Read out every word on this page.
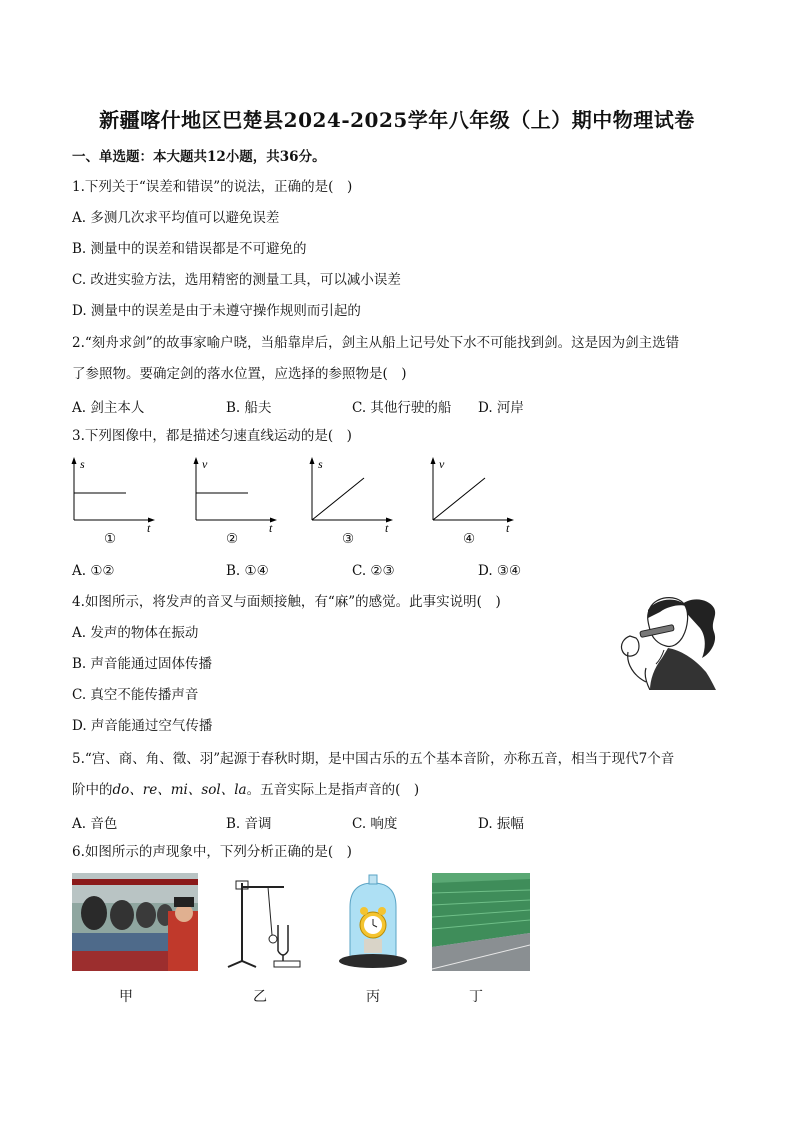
新疆喀什地区巴楚县2024-2025学年八年级（上）期中物理试卷
一、单选题：本大题共12小题，共36分。
1.下列关于“误差和错误”的说法，正确的是(　)
A. 多测几次求平均值可以避免误差
B. 测量中的误差和错误都是不可避免的
C. 改进实验方法，选用精密的测量工具，可以减小误差
D. 测量中的误差是由于未遵守操作规则而引起的
2.“刻舟求剑”的故事家喻户晓，当船靠岸后，剑主从船上记号处下水不可能找到剑。这是因为剑主选错
了参照物。要确定剑的落水位置，应选择的参照物是(　)
A. 剑主本人	B. 船夫	C. 其他行驶的船 D. 河岸
3.下列图像中，都是描述匀速直线运动的是(　)
s
t
v
t
s
t
v
t
①	②	③	④
A. ①②	B. ①④	C. ②③	D. ③④
4.如图所示，将发声的音叉与面颊接触，有“麻”的感觉。此事实说明(　)
A. 发声的物体在振动
B. 声音能通过固体传播
C. 真空不能传播声音
D. 声音能通过空气传播
5.“宫、商、角、徵、羽”起源于春秋时期，是中国古乐的五个基本音阶，亦称五音，相当于现代7个音
阶中的do、re、mi、sol、la。五音实际上是指声音的(　)
A. 音色	B. 音调	C. 响度	D. 振幅
6.如图所示的声现象中，下列分析正确的是(　)
甲	乙	丙	丁
